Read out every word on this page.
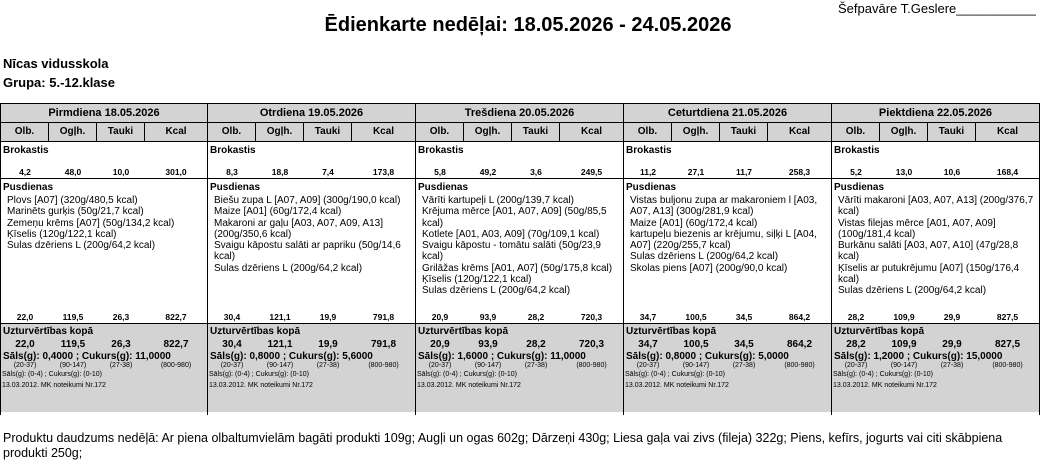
Šefpavāre T.Geslere___________
Ēdienkarte nedēļai: 18.05.2026 - 24.05.2026
Nīcas vidusskola
Grupa: 5.-12.klase
Pirmdiena 18.05.2026
Olb.	Ogļh.	Tauki	Kcal
Brokastis
4,2	48,0	10,0	301,0
Pusdienas
Plovs [A07] (320g/480,5 kcal)
Marinēts gurķis (50g/21,7 kcal)
Zemeņu krēms [A07] (50g/134,2 kcal)
Ķīselis (120g/122,1 kcal)
Sulas dzēriens L (200g/64,2 kcal)
22,0	119,5	26,3	822,7
Uzturvērtības kopā
22,0	119,5	26,3	822,7
Sāls(g): 0,4000 ; Cukurs(g): 11,0000
(20-37)	(90-147)	(27-38)	(800-980)
Sāls(g): (0-4) ; Cukurs(g): (0-10)
13.03.2012. MK noteikumi Nr.172
Otrdiena 19.05.2026
Olb.	Ogļh.	Tauki	Kcal
Brokastis
8,3	18,8	7,4	173,8
Pusdienas
Biešu zupa L [A07, A09] (300g/190,0 kcal)
Maize [A01] (60g/172,4 kcal)
Makaroni ar gaļu [A03, A07, A09, A13] (200g/350,6 kcal)
Svaigu kāpostu salāti ar papriku (50g/14,6 kcal)
Sulas dzēriens L (200g/64,2 kcal)
30,4	121,1	19,9	791,8
Uzturvērtības kopā
30,4	121,1	19,9	791,8
Sāls(g): 0,8000 ; Cukurs(g): 5,6000
(20-37)	(90-147)	(27-38)	(800-980)
Sāls(g): (0-4) ; Cukurs(g): (0-10)
13.03.2012. MK noteikumi Nr.172
Trešdiena 20.05.2026
Olb.	Ogļh.	Tauki	Kcal
Brokastis
5,8	49,2	3,6	249,5
Pusdienas
Vārīti kartupeļi L (200g/139,7 kcal)
Krējuma mērce [A01, A07, A09] (50g/85,5 kcal)
Kotlete [A01, A03, A09] (70g/109,1 kcal)
Svaigu kāpostu - tomātu salāti (50g/23,9 kcal)
Grilāžas krēms [A01, A07] (50g/175,8 kcal)
Ķīselis (120g/122,1 kcal)
Sulas dzēriens L (200g/64,2 kcal)
20,9	93,9	28,2	720,3
Uzturvērtības kopā
20,9	93,9	28,2	720,3
Sāls(g): 1,6000 ; Cukurs(g): 11,0000
(20-37)	(90-147)	(27-38)	(800-980)
Sāls(g): (0-4) ; Cukurs(g): (0-10)
13.03.2012. MK noteikumi Nr.172
Ceturtdiena 21.05.2026
Olb.	Ogļh.	Tauki	Kcal
Brokastis
11,2	27,1	11,7	258,3
Pusdienas
Vistas buljonu zupa ar makaroniem l [A03, A07, A13] (300g/281,9 kcal)
Maize [A01] (60g/172,4 kcal)
kartupeļu biezenis ar krējumu, siļķi L [A04, A07] (220g/255,7 kcal)
Sulas dzēriens L (200g/64,2 kcal)
Skolas piens [A07] (200g/90,0 kcal)
34,7	100,5	34,5	864,2
Uzturvērtības kopā
34,7	100,5	34,5	864,2
Sāls(g): 0,8000 ; Cukurs(g): 5,0000
(20-37)	(90-147)	(27-38)	(800-980)
Sāls(g): (0-4) ; Cukurs(g): (0-10)
13.03.2012. MK noteikumi Nr.172
Piektdiena 22.05.2026
Olb.	Ogļh.	Tauki	Kcal
Brokastis
5,2	13,0	10,6	168,4
Pusdienas
Vārīti makaroni [A03, A07, A13] (200g/376,7 kcal)
Vistas filejas mērce [A01, A07, A09] (100g/181,4 kcal)
Burkānu salāti [A03, A07, A10] (47g/28,8 kcal)
Ķīselis ar putukrējumu [A07] (150g/176,4 kcal)
Sulas dzēriens L (200g/64,2 kcal)
28,2	109,9	29,9	827,5
Uzturvērtības kopā
28,2	109,9	29,9	827,5
Sāls(g): 1,2000 ; Cukurs(g): 15,0000
(20-37)	(90-147)	(27-38)	(800-980)
Sāls(g): (0-4) ; Cukurs(g): (0-10)
13.03.2012. MK noteikumi Nr.172
Produktu daudzums nedēļā: Ar piena olbaltumvielām bagāti produkti 109g; Augļi un ogas 602g; Dārzeņi 430g; Liesa gaļa vai zivs (fileja) 322g; Piens, kefīrs, jogurts vai citi skābpiena produkti 250g;
